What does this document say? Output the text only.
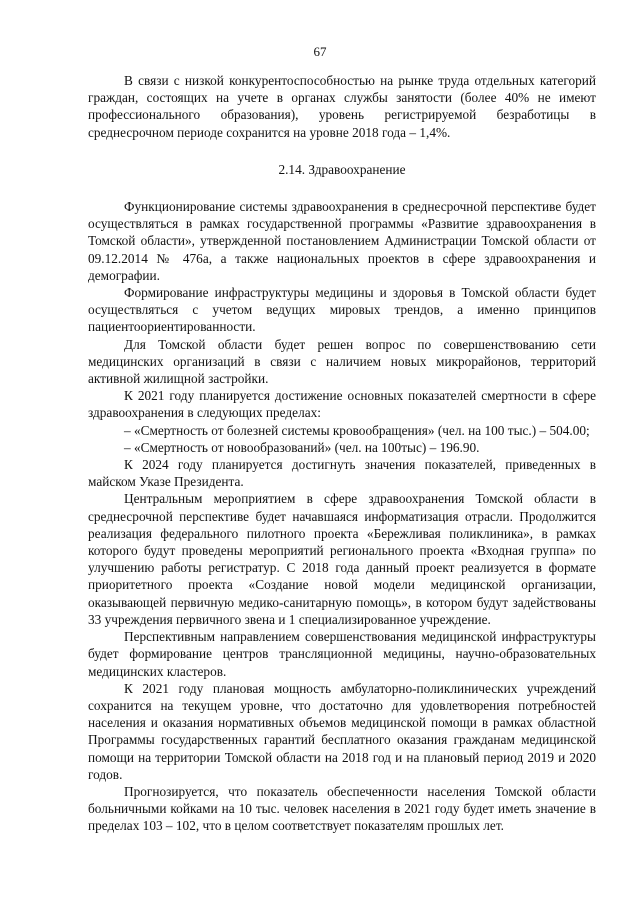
67

В связи с низкой конкурентоспособностью на рынке труда отдельных категорий граждан, состоящих на учете в органах службы занятости (более 40% не имеют профессионального образования), уровень регистрируемой безработицы в среднесрочном периоде сохранится на уровне 2018 года – 1,4%.

2.14. Здравоохранение

Функционирование системы здравоохранения в среднесрочной перспективе будет осуществляться в рамках государственной программы «Развитие здравоохранения в Томской области», утвержденной постановлением Администрации Томской области от 09.12.2014 № 476а, а также национальных проектов в сфере здравоохранения и демографии.

Формирование инфраструктуры медицины и здоровья в Томской области будет осуществляться с учетом ведущих мировых трендов, а именно принципов пациентоориентированности.

Для Томской области будет решен вопрос по совершенствованию сети медицинских организаций в связи с наличием новых микрорайонов, территорий активной жилищной застройки.

К 2021 году планируется достижение основных показателей смертности в сфере здравоохранения в следующих пределах:

– «Смертность от болезней системы кровообращения» (чел. на 100 тыс.) – 504.00;

– «Смертность от новообразований» (чел. на 100тыс) – 196.90.

К 2024 году планируется достигнуть значения показателей, приведенных в майском Указе Президента.

Центральным мероприятием в сфере здравоохранения Томской области в среднесрочной перспективе будет начавшаяся информатизация отрасли. Продолжится реализация федерального пилотного проекта «Бережливая поликлиника», в рамках которого будут проведены мероприятий регионального проекта «Входная группа» по улучшению работы регистратур. С 2018 года данный проект реализуется в формате приоритетного проекта «Создание новой модели медицинской организации, оказывающей первичную медико-санитарную помощь», в котором будут задействованы 33 учреждения первичного звена и 1 специализированное учреждение.

Перспективным направлением совершенствования медицинской инфраструктуры будет формирование центров трансляционной медицины, научно-образовательных медицинских кластеров.

К 2021 году плановая мощность амбулаторно-поликлинических учреждений сохранится на текущем уровне, что достаточно для удовлетворения потребностей населения и оказания нормативных объемов медицинской помощи в рамках областной Программы государственных гарантий бесплатного оказания гражданам медицинской помощи на территории Томской области на 2018 год и на плановый период 2019 и 2020 годов.

Прогнозируется, что показатель обеспеченности населения Томской области больничными койками на 10 тыс. человек населения в 2021 году будет иметь значение в пределах 103 – 102, что в целом соответствует показателям прошлых лет.
